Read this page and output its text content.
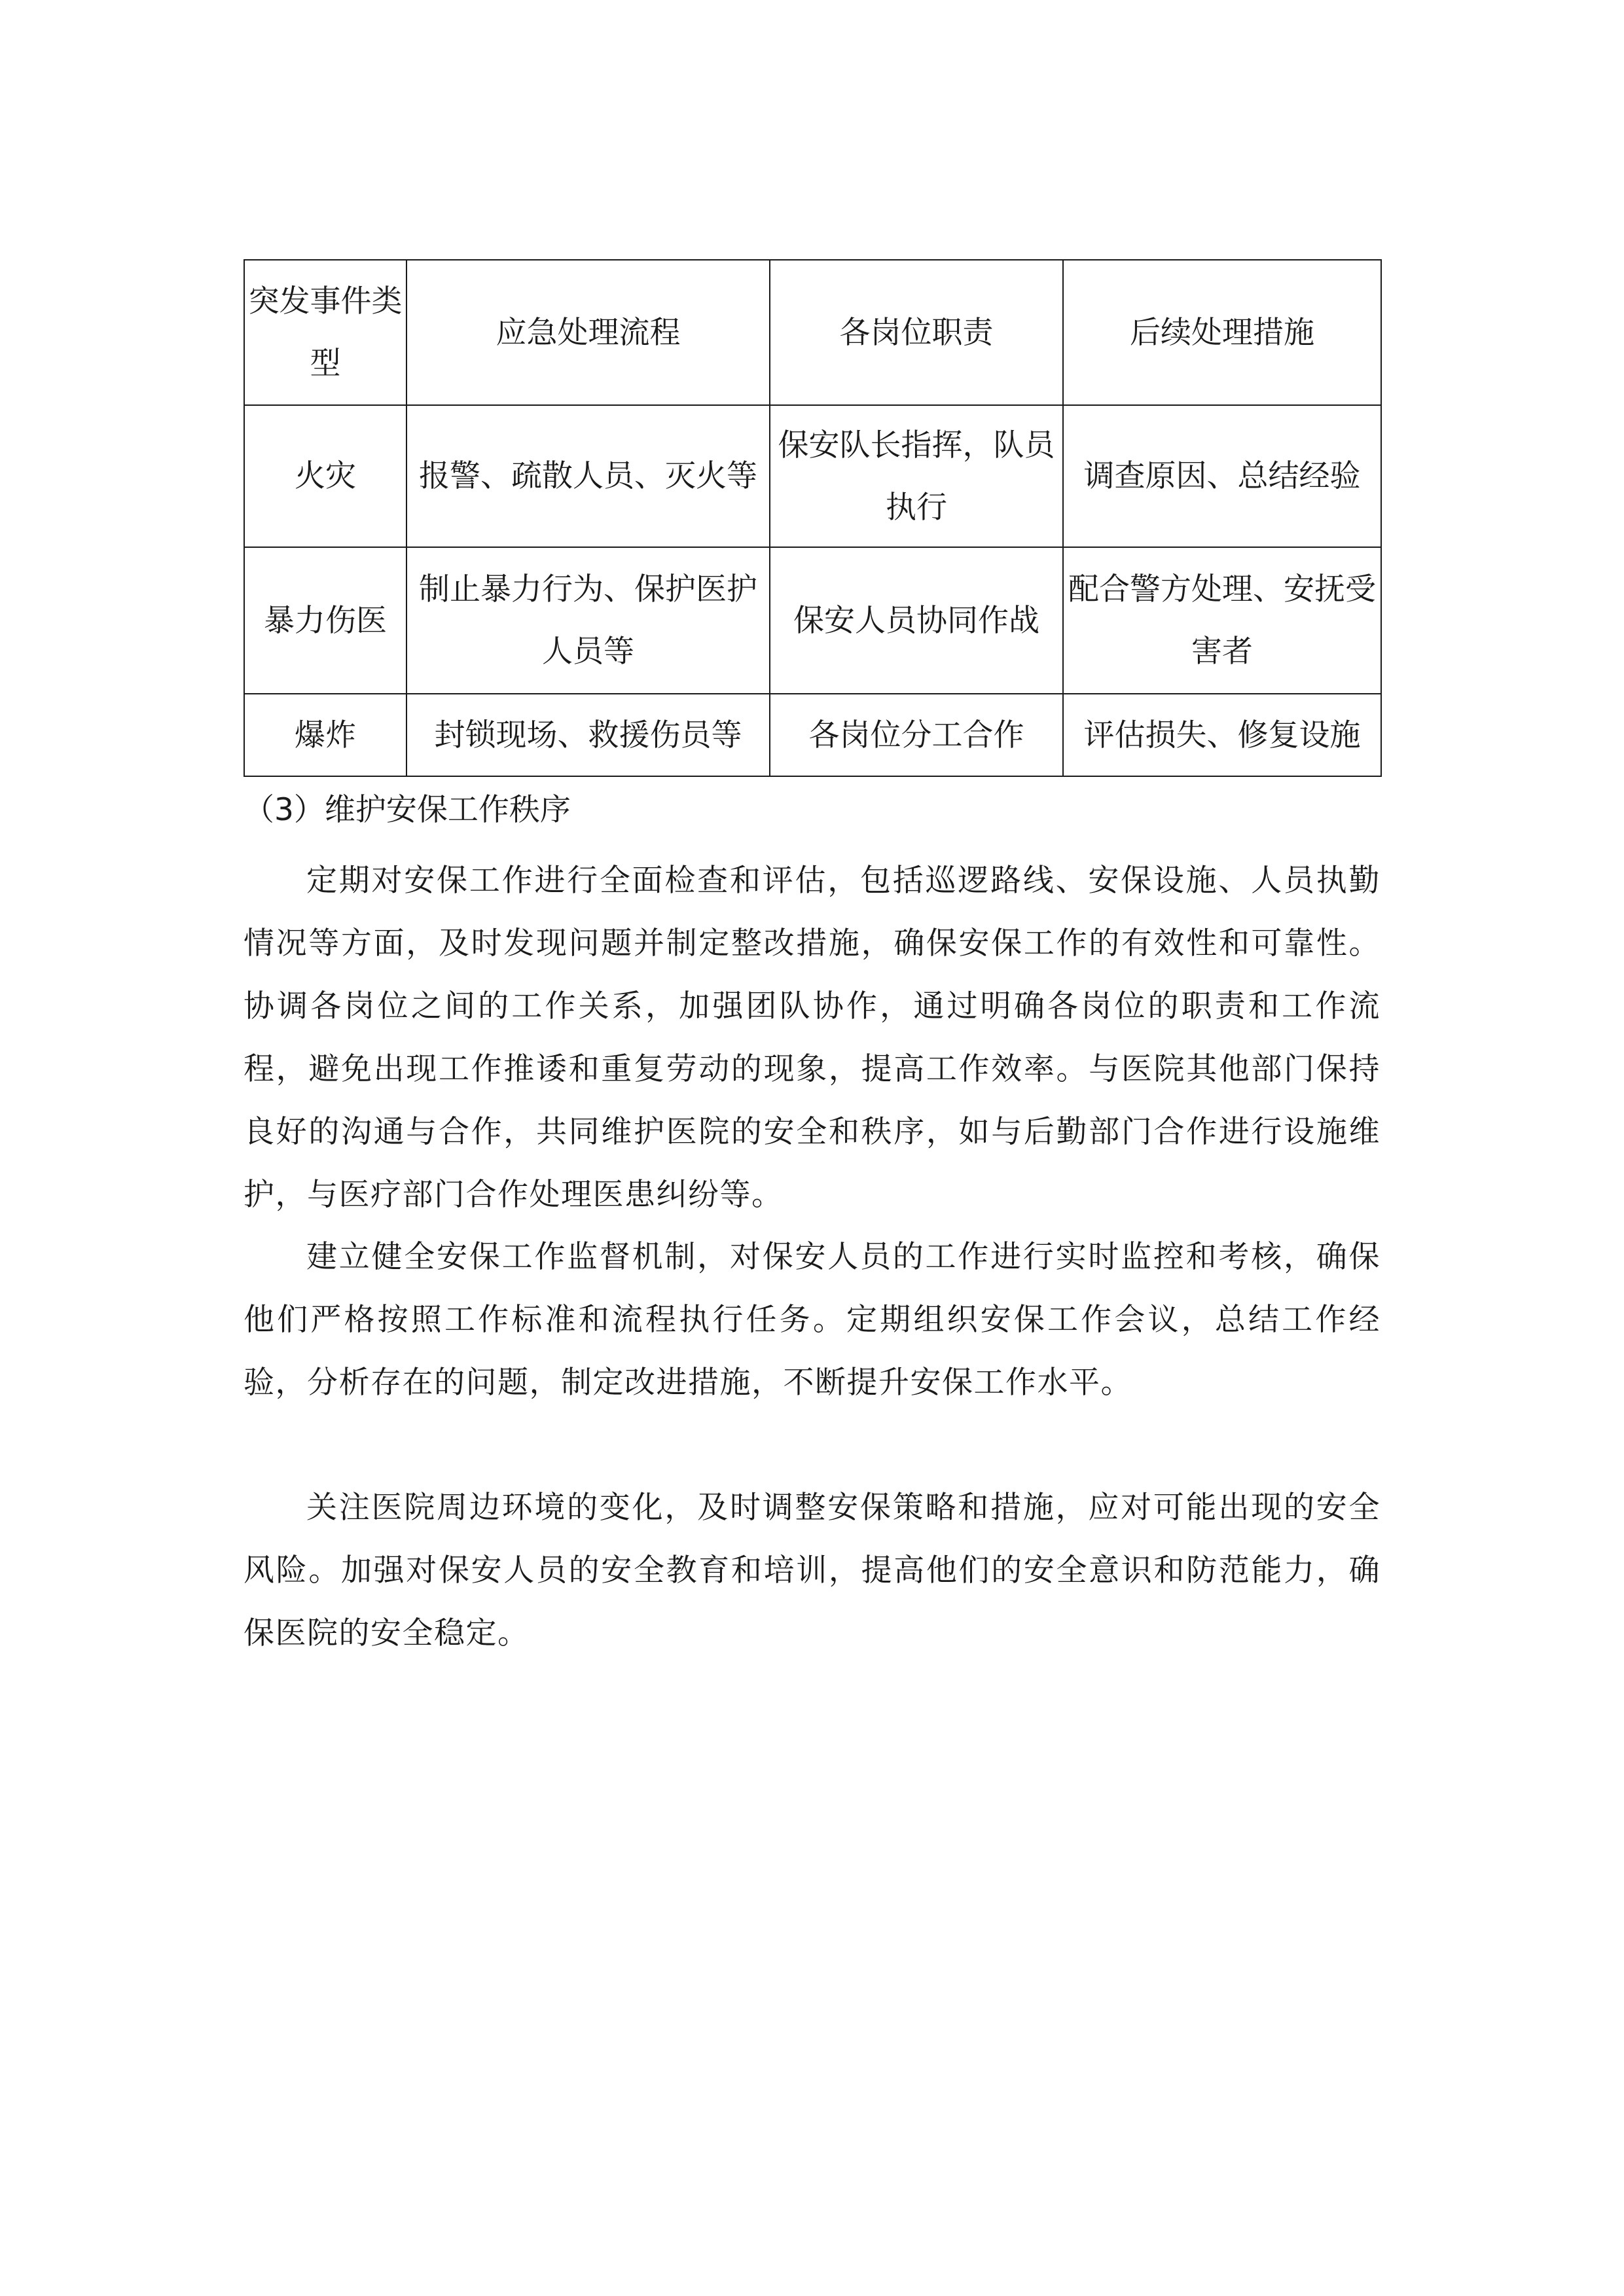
突发事件类型	应急处理流程	各岗位职责	后续处理措施
火灾	报警、疏散人员、灭火等	保安队长指挥，队员执行	调查原因、总结经验
暴力伤医	制止暴力行为、保护医护人员等	保安人员协同作战	配合警方处理、安抚受害者
爆炸	封锁现场、救援伤员等	各岗位分工合作	评估损失、修复设施

（3）维护安保工作秩序

定期对安保工作进行全面检查和评估，包括巡逻路线、安保设施、人员执勤情况等方面，及时发现问题并制定整改措施，确保安保工作的有效性和可靠性。协调各岗位之间的工作关系，加强团队协作，通过明确各岗位的职责和工作流程，避免出现工作推诿和重复劳动的现象，提高工作效率。与医院其他部门保持良好的沟通与合作，共同维护医院的安全和秩序，如与后勤部门合作进行设施维护，与医疗部门合作处理医患纠纷等。

建立健全安保工作监督机制，对保安人员的工作进行实时监控和考核，确保他们严格按照工作标准和流程执行任务。定期组织安保工作会议，总结工作经验，分析存在的问题，制定改进措施，不断提升安保工作水平。

关注医院周边环境的变化，及时调整安保策略和措施，应对可能出现的安全风险。加强对保安人员的安全教育和培训，提高他们的安全意识和防范能力，确保医院的安全稳定。
